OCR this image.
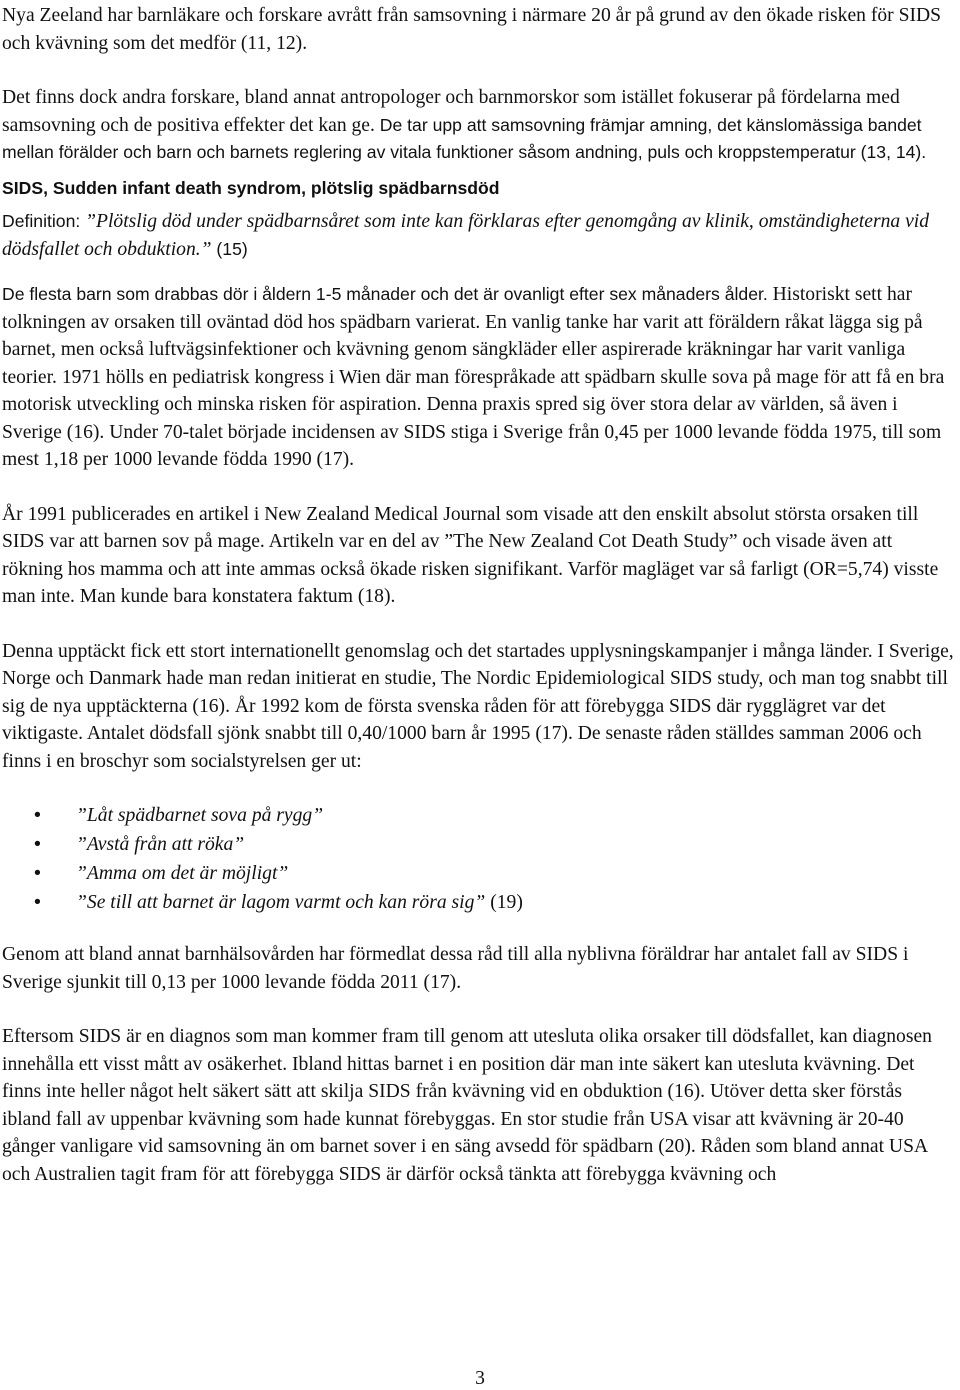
Nya Zeeland har barnläkare och forskare avrått från samsovning i närmare 20 år på grund av den ökade risken för SIDS och kvävning som det medför (11, 12).

Det finns dock andra forskare, bland annat antropologer och barnmorskor som istället fokuserar på fördelarna med samsovning och de positiva effekter det kan ge. De tar upp att samsovning främjar amning, det känslomässiga bandet mellan förälder och barn och barnets reglering av vitala funktioner såsom andning, puls och kroppstemperatur (13, 14).

SIDS, Sudden infant death syndrom, plötslig spädbarnsdöd

Definition: ”Plötslig död under spädbarnsåret som inte kan förklaras efter genomgång av klinik, omständigheterna vid dödsfallet och obduktion.” (15)

De flesta barn som drabbas dör i åldern 1-5 månader och det är ovanligt efter sex månaders ålder. Historiskt sett har tolkningen av orsaken till oväntad död hos spädbarn varierat. En vanlig tanke har varit att föräldern råkat lägga sig på barnet, men också luftvägsinfektioner och kvävning genom sängkläder eller aspirerade kräkningar har varit vanliga teorier. 1971 hölls en pediatrisk kongress i Wien där man förespråkade att spädbarn skulle sova på mage för att få en bra motorisk utveckling och minska risken för aspiration. Denna praxis spred sig över stora delar av världen, så även i Sverige (16). Under 70-talet började incidensen av SIDS stiga i Sverige från 0,45 per 1000 levande födda 1975, till som mest 1,18 per 1000 levande födda 1990 (17).

År 1991 publicerades en artikel i New Zealand Medical Journal som visade att den enskilt absolut största orsaken till SIDS var att barnen sov på mage. Artikeln var en del av ”The New Zealand Cot Death Study” och visade även att rökning hos mamma och att inte ammas också ökade risken signifikant. Varför magläget var så farligt (OR=5,74) visste man inte. Man kunde bara konstatera faktum (18).

Denna upptäckt fick ett stort internationellt genomslag och det startades upplysningskampanjer i många länder. I Sverige, Norge och Danmark hade man redan initierat en studie, The Nordic Epidemiological SIDS study, och man tog snabbt till sig de nya upptäckterna (16). År 1992 kom de första svenska råden för att förebygga SIDS där rygglägret var det viktigaste. Antalet dödsfall sjönk snabbt till 0,40/1000 barn år 1995 (17). De senaste råden ställdes samman 2006 och finns i en broschyr som socialstyrelsen ger ut:

• ”Låt spädbarnet sova på rygg”
• ”Avstå från att röka”
• ”Amma om det är möjligt”
• ”Se till att barnet är lagom varmt och kan röra sig” (19)

Genom att bland annat barnhälsovården har förmedlat dessa råd till alla nyblivna föräldrar har antalet fall av SIDS i Sverige sjunkit till 0,13 per 1000 levande födda 2011 (17).

Eftersom SIDS är en diagnos som man kommer fram till genom att utesluta olika orsaker till dödsfallet, kan diagnosen innehålla ett visst mått av osäkerhet. Ibland hittas barnet i en position där man inte säkert kan utesluta kvävning. Det finns inte heller något helt säkert sätt att skilja SIDS från kvävning vid en obduktion (16). Utöver detta sker förstås ibland fall av uppenbar kvävning som hade kunnat förebyggas. En stor studie från USA visar att kvävning är 20-40 gånger vanligare vid samsovning än om barnet sover i en säng avsedd för spädbarn (20). Råden som bland annat USA och Australien tagit fram för att förebygga SIDS är därför också tänkta att förebygga kvävning och

3
